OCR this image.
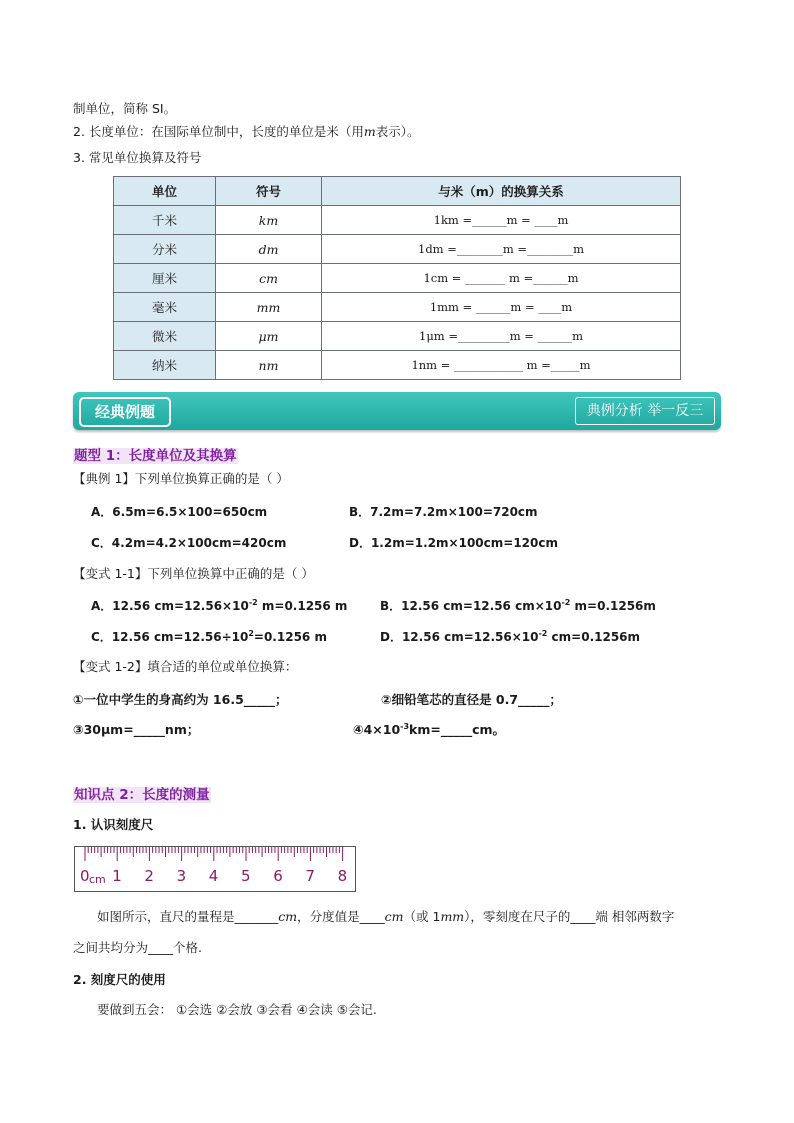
制单位，简称 SI。
2. 长度单位：在国际单位制中，长度的单位是米（用m表示）。
3. 常见单位换算及符号
单位	符号	与米（m）的换算关系
千米	km	1km =______m = ____m
分米	dm	1dm =________m =________m
厘米	cm	1cm = _______ m =______m
毫米	mm	1mm = ______m = ____m
微米	μm	1μm =_________m = ______m
纳米	nm	1nm = ____________ m =_____m
经典例题	典例分析 举一反三
题型 1：长度单位及其换算
【典例 1】下列单位换算正确的是（ ）
A．6.5m=6.5×100=650cm	B．7.2m=7.2m×100=720cm
C．4.2m=4.2×100cm=420cm	D．1.2m=1.2m×100cm=120cm
【变式 1-1】下列单位换算中正确的是（ ）
A．12.56 $cm=12.56\times 10^{-2}$ m=0.1256 m	B．12.56 cm=12.56 $cm\times 10^{-2}$ m=0.1256m
C．12.56 $cm=12.56\div 10^2=0.1256$ m	D．12.56 $cm=12.56\times 10^{-2}$ cm=0.1256m
【变式 1-2】填合适的单位或单位换算：
①一位中学生的身高约为 16.5_____；	②细铅笔芯的直径是 0.7_____；
③30μm=_____nm；	$④4\times 10^{-3}km=\_\_\_\_\_cm$。
知识点 2：长度的测量
1. 认识刻度尺
0 cm 1 2 3 4 5 6 7 8
如图所示，直尺的量程是_______cm，分度值是____cm（或 1mm），零刻度在尺子的____端 相邻两数字
之间共均分为____个格.
2. 刻度尺的使用
要做到五会： ①会选 ②会放 ③会看 ④会读 ⑤会记.
